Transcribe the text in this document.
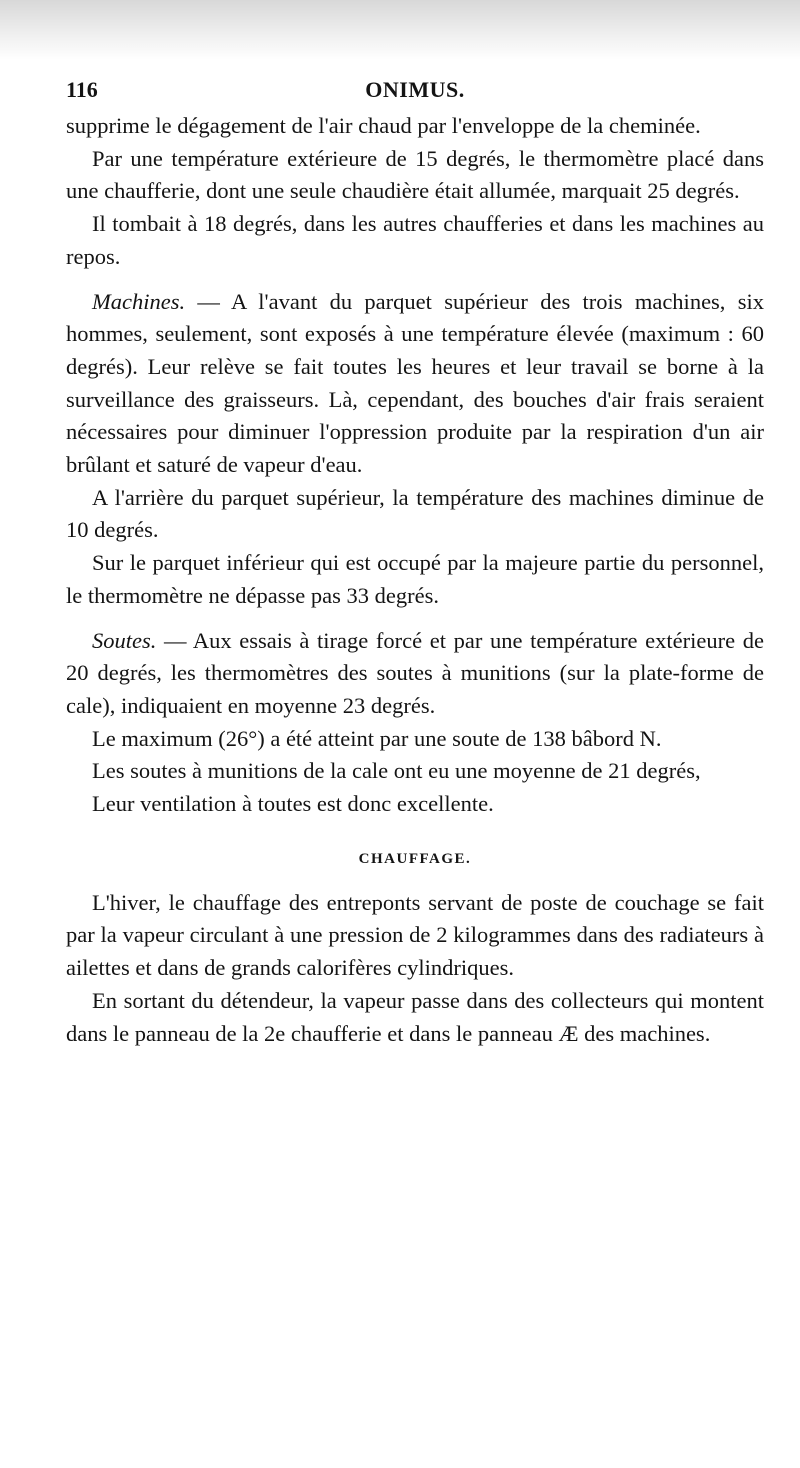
116	ONIMUS.

supprime le dégagement de l'air chaud par l'enveloppe de la cheminée.

Par une température extérieure de 15 degrés, le thermomètre placé dans une chaufferie, dont une seule chaudière était allumée, marquait 25 degrés.

Il tombait à 18 degrés, dans les autres chaufferies et dans les machines au repos.

Machines. — A l'avant du parquet supérieur des trois machines, six hommes, seulement, sont exposés à une température élevée (maximum : 60 degrés). Leur relève se fait toutes les heures et leur travail se borne à la surveillance des graisseurs. Là, cependant, des bouches d'air frais seraient nécessaires pour diminuer l'oppression produite par la respiration d'un air brûlant et saturé de vapeur d'eau.

A l'arrière du parquet supérieur, la température des machines diminue de 10 degrés.

Sur le parquet inférieur qui est occupé par la majeure partie du personnel, le thermomètre ne dépasse pas 33 degrés.

Soutes. — Aux essais à tirage forcé et par une température extérieure de 20 degrés, les thermomètres des soutes à munitions (sur la plate-forme de cale), indiquaient en moyenne 23 degrés.

Le maximum (26°) a été atteint par une soute de 138 bâbord N.

Les soutes à munitions de la cale ont eu une moyenne de 21 degrés,

Leur ventilation à toutes est donc excellente.

CHAUFFAGE.

L'hiver, le chauffage des entreponts servant de poste de couchage se fait par la vapeur circulant à une pression de 2 kilogrammes dans des radiateurs à ailettes et dans de grands calorifères cylindriques.

En sortant du détendeur, la vapeur passe dans des collecteurs qui montent dans le panneau de la 2e chaufferie et dans le panneau Æ des machines.
